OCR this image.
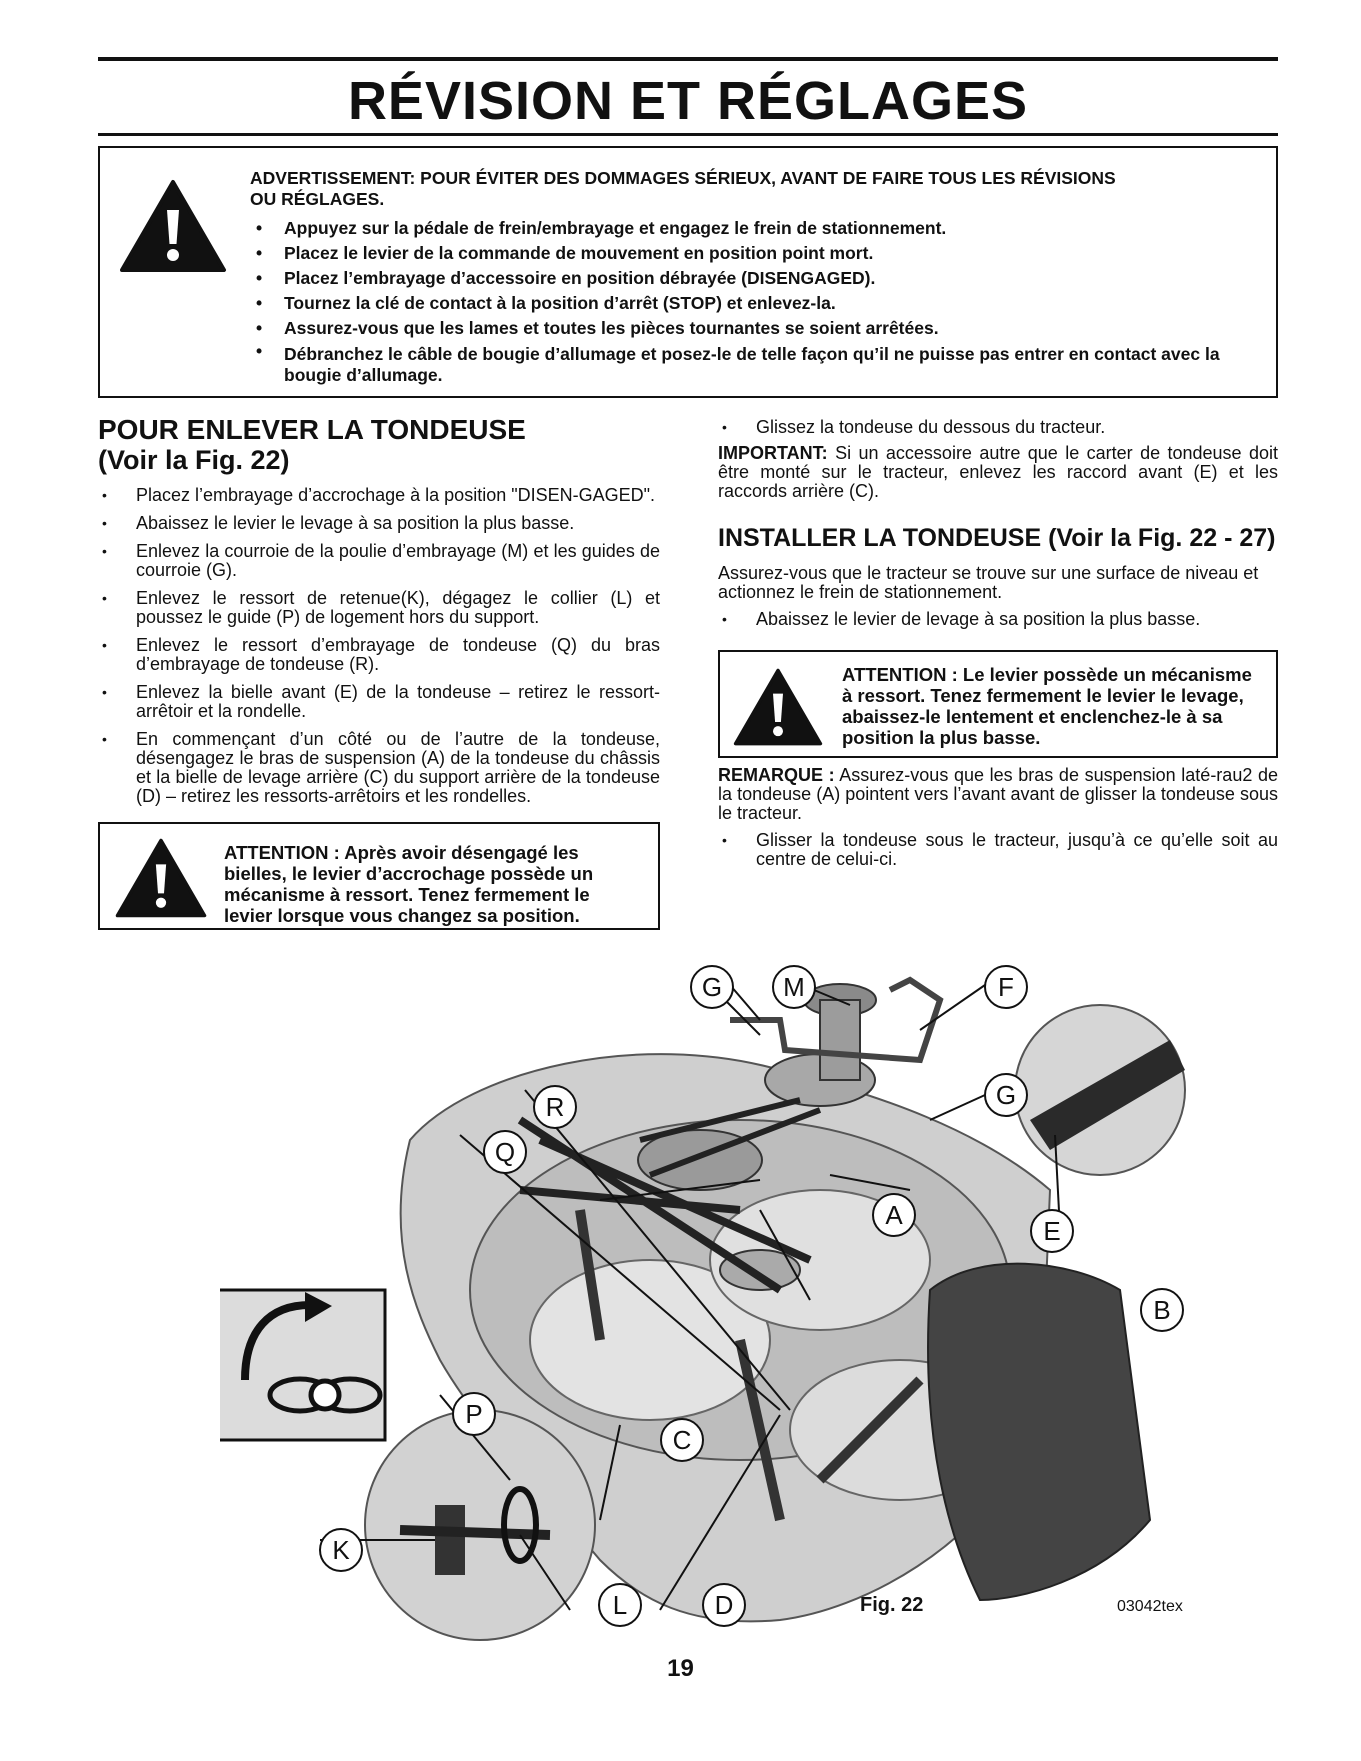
RÉVISION ET RÉGLAGES
ADVERTISSEMENT: POUR ÉVITER DES DOMMAGES SÉRIEUX, AVANT DE FAIRE TOUS LES RÉVISIONS
OU RÉGLAGES.
• Appuyez sur la pédale de frein/embrayage et engagez le frein de stationnement.
• Placez le levier de la commande de mouvement en position point mort.
• Placez l’embrayage d’accessoire en position débrayée (DISENGAGED).
• Tournez la clé de contact à la position d’arrêt (STOP) et enlevez-la.
• Assurez-vous que les lames et toutes les pièces tournantes se soient arrêtées.
• Débranchez le câble de bougie d’allumage et posez-le de telle façon qu’il ne puisse pas entrer en contact avec la bougie d’allumage.
POUR ENLEVER LA TONDEUSE
(Voir la Fig. 22)
• Placez l’embrayage d’accrochage à la position "DISEN-GAGED".
• Abaissez le levier le levage à sa position la plus basse.
• Enlevez la courroie de la poulie d’embrayage (M) et les guides de courroie (G).
• Enlevez le ressort de retenue(K), dégagez le collier (L) et poussez le guide (P) de logement hors du support.
• Enlevez le ressort d’embrayage de tondeuse (Q) du bras d’embrayage de tondeuse (R).
• Enlevez la bielle avant (E) de la tondeuse – retirez le ressort-arrêtoir et la rondelle.
• En commençant d’un côté ou de l’autre de la tondeuse, désengagez le bras de suspension (A) de la tondeuse du châssis et la bielle de levage arrière (C) du support arrière de la tondeuse (D) – retirez les ressorts-arrêtoirs et les rondelles.
ATTENTION : Après avoir désengagé les bielles, le levier d’accrochage possède un mécanisme à ressort. Tenez fermement le levier lorsque vous changez sa position.
• Glissez la tondeuse du dessous du tracteur.

IMPORTANT: Si un accessoire autre que le carter de tondeuse doit être monté sur le tracteur, enlevez les raccord avant (E) et les raccords arrière (C).

INSTALLER LA TONDEUSE (Voir la Fig. 22 - 27)

Assurez-vous que le tracteur se trouve sur une surface de niveau et actionnez le frein de stationnement.

• Abaissez le levier de levage à sa position la plus basse.
ATTENTION : Le levier possède un mécanisme à ressort. Tenez fermement le levier le levage, abaissez-le lentement et enclenchez-le à sa position la plus basse.

REMARQUE : Assurez-vous que les bras de suspension laté-rau2 de la tondeuse (A) pointent vers l’avant avant de glisser la tondeuse sous le tracteur.

• Glisser la tondeuse sous le tracteur, jusqu’à ce qu’elle soit au centre de celui-ci.
G	M	F
G
R
Q
A
E
B
P
C
K
L	D	Fig. 22	03042tex
19
